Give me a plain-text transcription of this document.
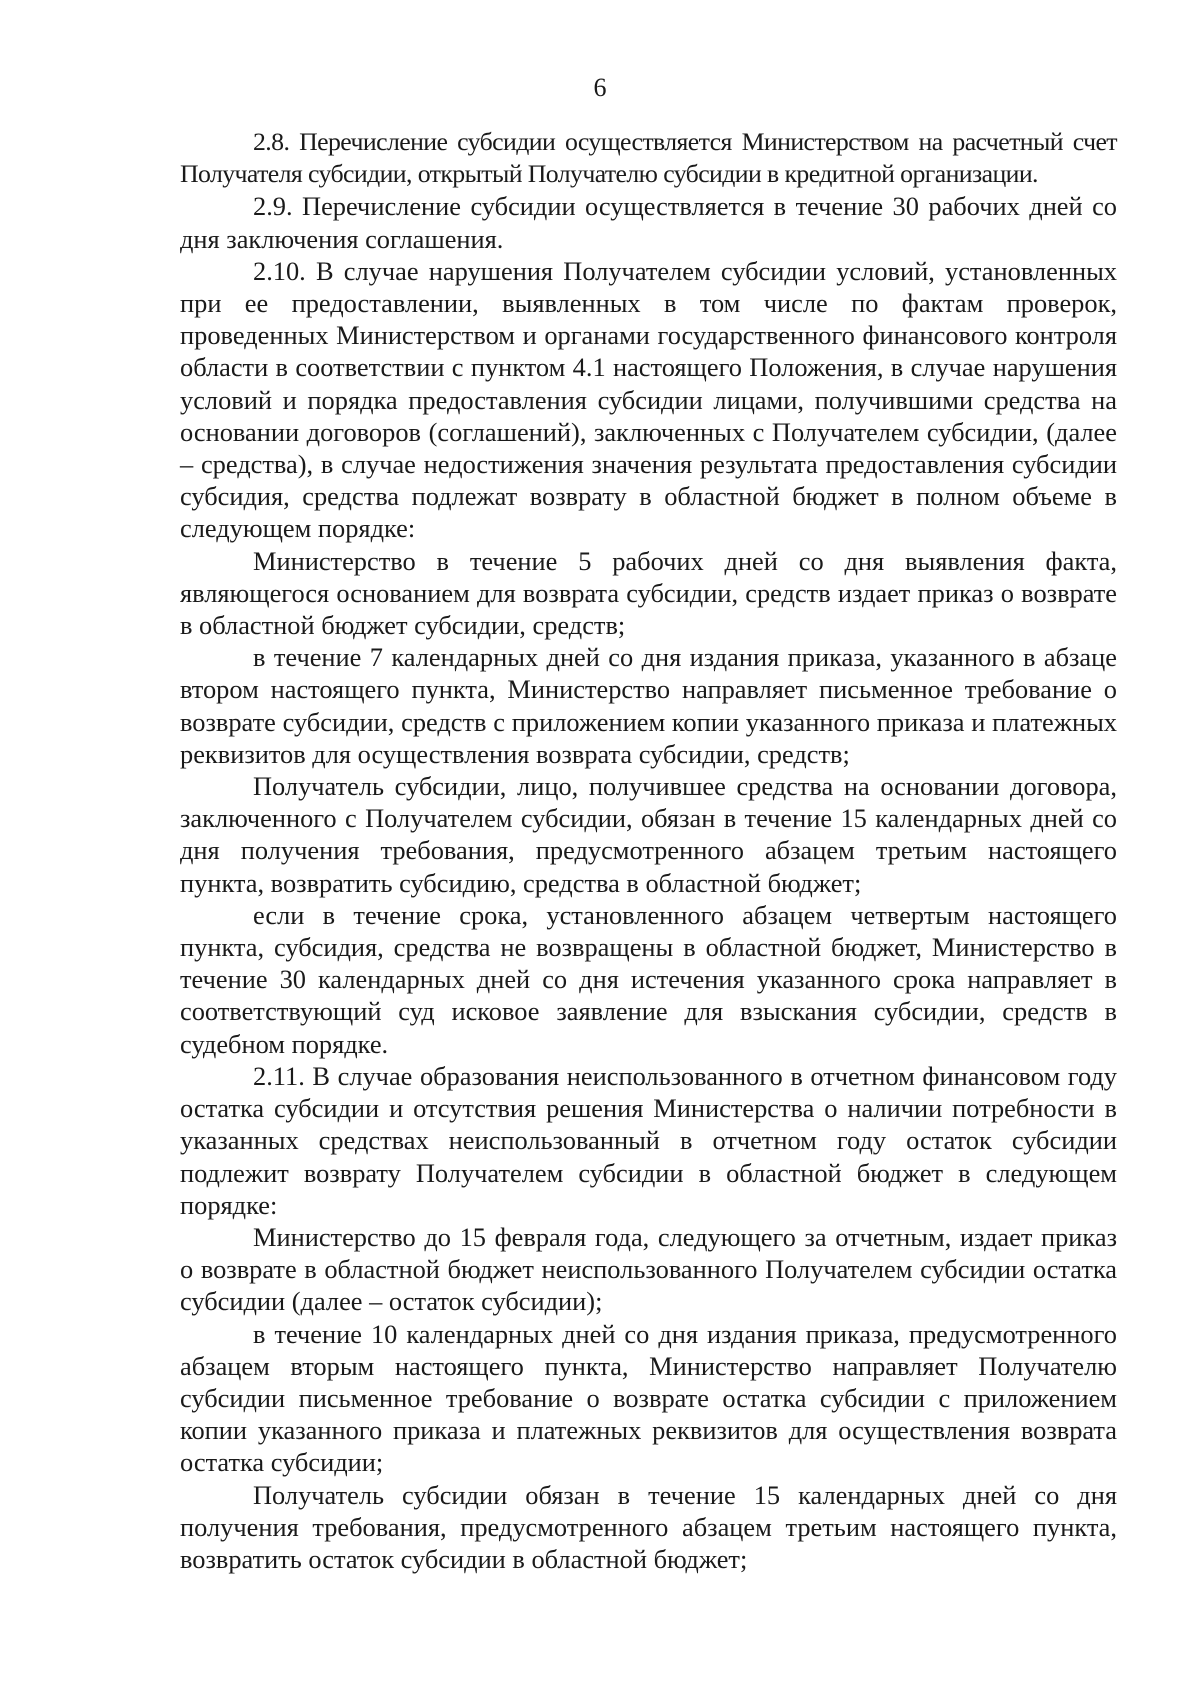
6

2.8. Перечисление субсидии осуществляется Министерством на расчетный счет Получателя субсидии, открытый Получателю субсидии в кредитной организации.

2.9. Перечисление субсидии осуществляется в течение 30 рабочих дней со дня заключения соглашения.

2.10. В случае нарушения Получателем субсидии условий, установленных при ее предоставлении, выявленных в том числе по фактам проверок, проведенных Министерством и органами государственного финансового контроля области в соответствии с пунктом 4.1 настоящего Положения, в случае нарушения условий и порядка предоставления субсидии лицами, получившими средства на основании договоров (соглашений), заключенных с Получателем субсидии, (далее – средства), в случае недостижения значения результата предоставления субсидии субсидия, средства подлежат возврату в областной бюджет в полном объеме в следующем порядке:

Министерство в течение 5 рабочих дней со дня выявления факта, являющегося основанием для возврата субсидии, средств издает приказ о возврате в областной бюджет субсидии, средств;

в течение 7 календарных дней со дня издания приказа, указанного в абзаце втором настоящего пункта, Министерство направляет письменное требование о возврате субсидии, средств с приложением копии указанного приказа и платежных реквизитов для осуществления возврата субсидии, средств;

Получатель субсидии, лицо, получившее средства на основании договора, заключенного с Получателем субсидии, обязан в течение 15 календарных дней со дня получения требования, предусмотренного абзацем третьим настоящего пункта, возвратить субсидию, средства в областной бюджет;

если в течение срока, установленного абзацем четвертым настоящего пункта, субсидия, средства не возвращены в областной бюджет, Министерство в течение 30 календарных дней со дня истечения указанного срока направляет в соответствующий суд исковое заявление для взыскания субсидии, средств в судебном порядке.

2.11. В случае образования неиспользованного в отчетном финансовом году остатка субсидии и отсутствия решения Министерства о наличии потребности в указанных средствах неиспользованный в отчетном году остаток субсидии подлежит возврату Получателем субсидии в областной бюджет в следующем порядке:

Министерство до 15 февраля года, следующего за отчетным, издает приказ о возврате в областной бюджет неиспользованного Получателем субсидии остатка субсидии (далее – остаток субсидии);

в течение 10 календарных дней со дня издания приказа, предусмотренного абзацем вторым настоящего пункта, Министерство направляет Получателю субсидии письменное требование о возврате остатка субсидии с приложением копии указанного приказа и платежных реквизитов для осуществления возврата остатка субсидии;

Получатель субсидии обязан в течение 15 календарных дней со дня получения требования, предусмотренного абзацем третьим настоящего пункта, возвратить остаток субсидии в областной бюджет;
